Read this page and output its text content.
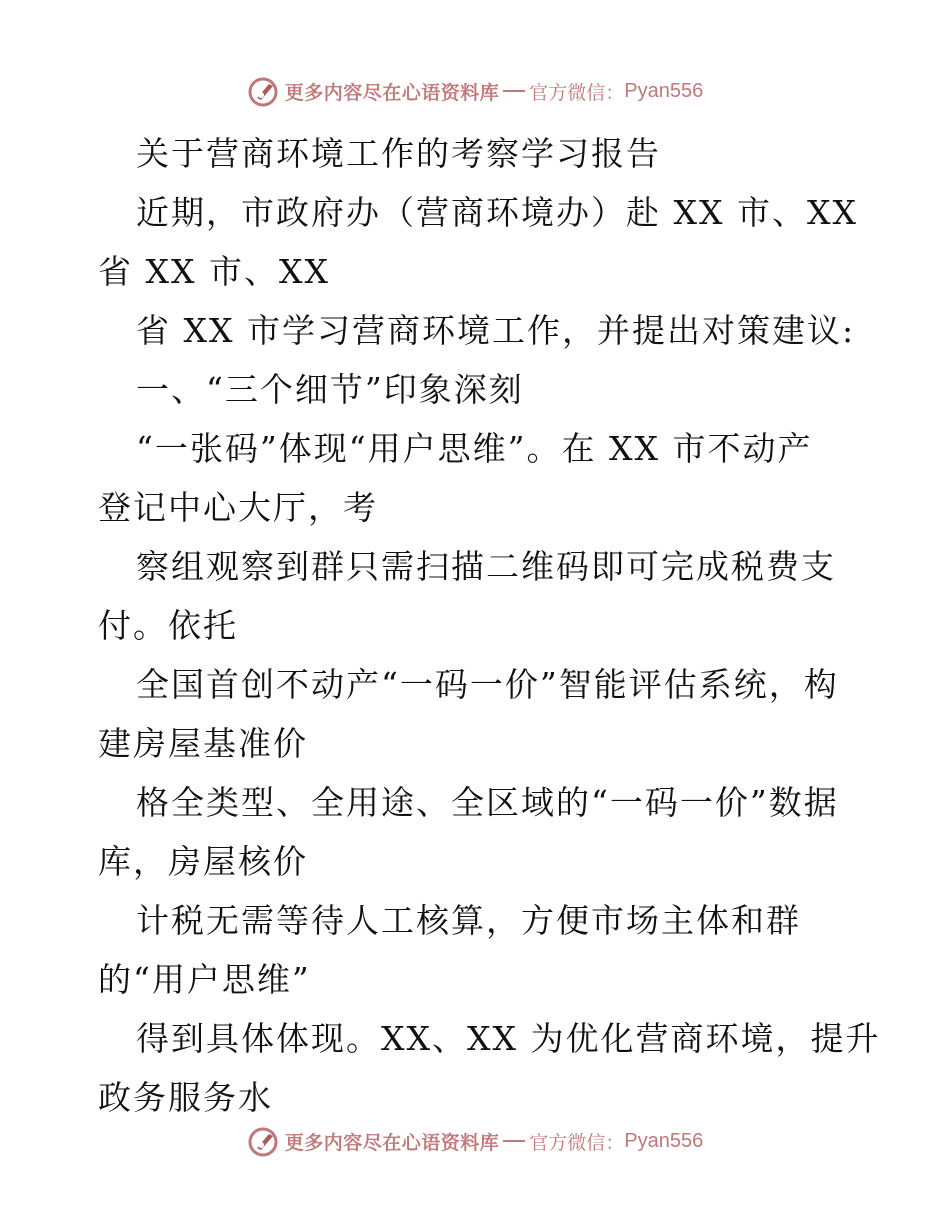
更多内容尽在心语资料库 官方微信： Pyan556
关于营商环境工作的考察学习报告
近期，市政府办（营商环境办）赴 XX 市、XX
省 XX 市、XX
省 XX 市学习营商环境工作，并提出对策建议:
一、“三个细节”印象深刻
“一张码”体现“用户思维”。在 XX 市不动产
登记中心大厅，考
察组观察到群只需扫描二维码即可完成税费支
付。依托
全国首创不动产“一码一价”智能评估系统，构
建房屋基准价
格全类型、全用途、全区域的“一码一价”数据
库，房屋核价
计税无需等待人工核算，方便市场主体和群
的“用户思维”
得到具体体现。XX、XX 为优化营商环境，提升
政务服务水
更多内容尽在心语资料库 官方微信： Pyan556
